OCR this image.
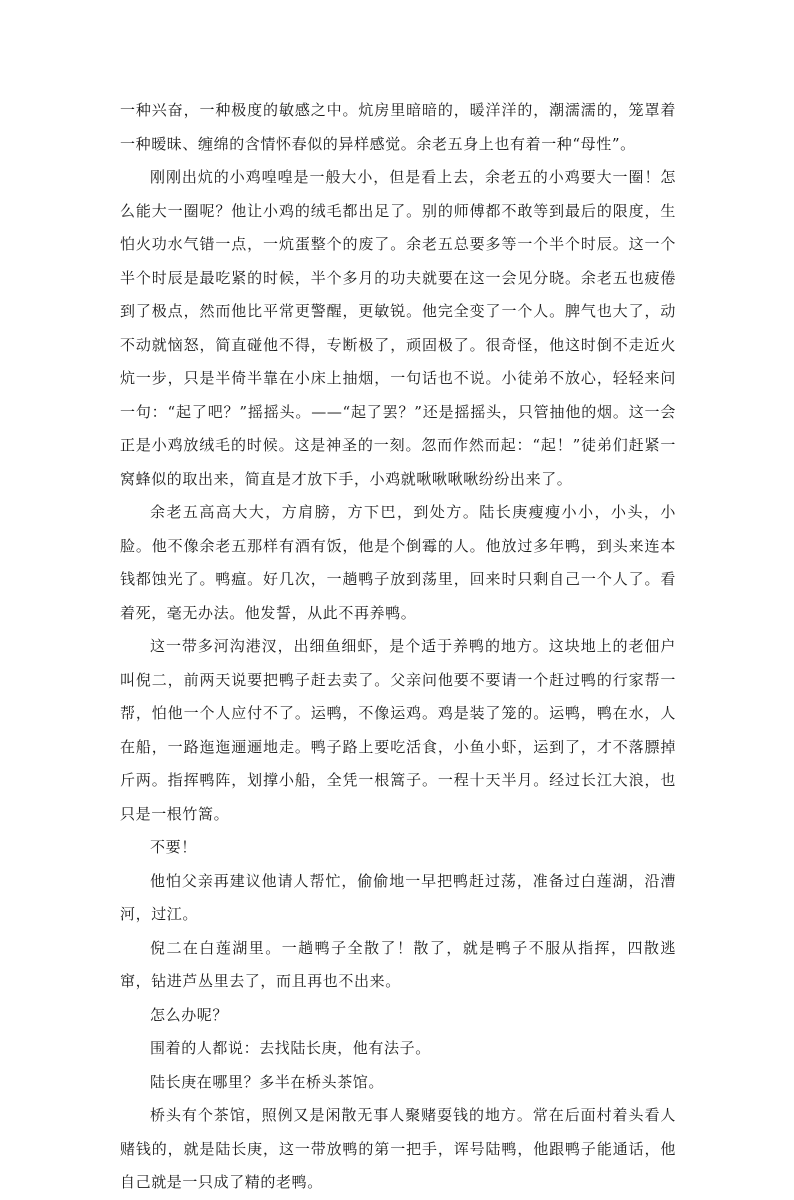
一种兴奋，一种极度的敏感之中。炕房里暗暗的，暖洋洋的，潮濡濡的，笼罩着一种暧昧、缠绵的含情怀春似的异样感觉。余老五身上也有着一种“母性”。

刚刚出炕的小鸡喤喤是一般大小，但是看上去，余老五的小鸡要大一圈！怎么能大一圈呢？他让小鸡的绒毛都出足了。别的师傅都不敢等到最后的限度，生怕火功水气错一点，一炕蛋整个的废了。余老五总要多等一个半个时辰。这一个半个时辰是最吃紧的时候，半个多月的功夫就要在这一会见分晓。余老五也疲倦到了极点，然而他比平常更警醒，更敏锐。他完全变了一个人。脾气也大了，动不动就恼怒，简直碰他不得，专断极了，顽固极了。很奇怪，他这时倒不走近火炕一步，只是半倚半靠在小床上抽烟，一句话也不说。小徒弟不放心，轻轻来问一句：“起了吧？”摇摇头。——“起了罢？”还是摇摇头，只管抽他的烟。这一会正是小鸡放绒毛的时候。这是神圣的一刻。忽而作然而起：“起！”徒弟们赶紧一窝蜂似的取出来，简直是才放下手，小鸡就啾啾啾啾纷纷出来了。

余老五高高大大，方肩膀，方下巴，到处方。陆长庚瘦瘦小小，小头，小脸。他不像余老五那样有酒有饭，他是个倒霉的人。他放过多年鸭，到头来连本钱都蚀光了。鸭瘟。好几次，一趟鸭子放到荡里，回来时只剩自己一个人了。看着死，毫无办法。他发誓，从此不再养鸭。

这一带多河沟港汊，出细鱼细虾，是个适于养鸭的地方。这块地上的老佃户叫倪二，前两天说要把鸭子赶去卖了。父亲问他要不要请一个赶过鸭的行家帮一帮，怕他一个人应付不了。运鸭，不像运鸡。鸡是装了笼的。运鸭，鸭在水，人在船，一路迤迤逦逦地走。鸭子路上要吃活食，小鱼小虾，运到了，才不落膘掉斤两。指挥鸭阵，划撑小船，全凭一根篙子。一程十天半月。经过长江大浪，也只是一根竹篙。

不要！

他怕父亲再建议他请人帮忙，偷偷地一早把鸭赶过荡，准备过白莲湖，沿漕河，过江。

倪二在白莲湖里。一趟鸭子全散了！散了，就是鸭子不服从指挥，四散逃窜，钻进芦丛里去了，而且再也不出来。

怎么办呢？

围着的人都说：去找陆长庚，他有法子。

陆长庚在哪里？多半在桥头茶馆。

桥头有个茶馆，照例又是闲散无事人聚赌耍钱的地方。常在后面村着头看人赌钱的，就是陆长庚，这一带放鸭的第一把手，诨号陆鸭，他跟鸭子能通话，他自己就是一只成了精的老鸭。
